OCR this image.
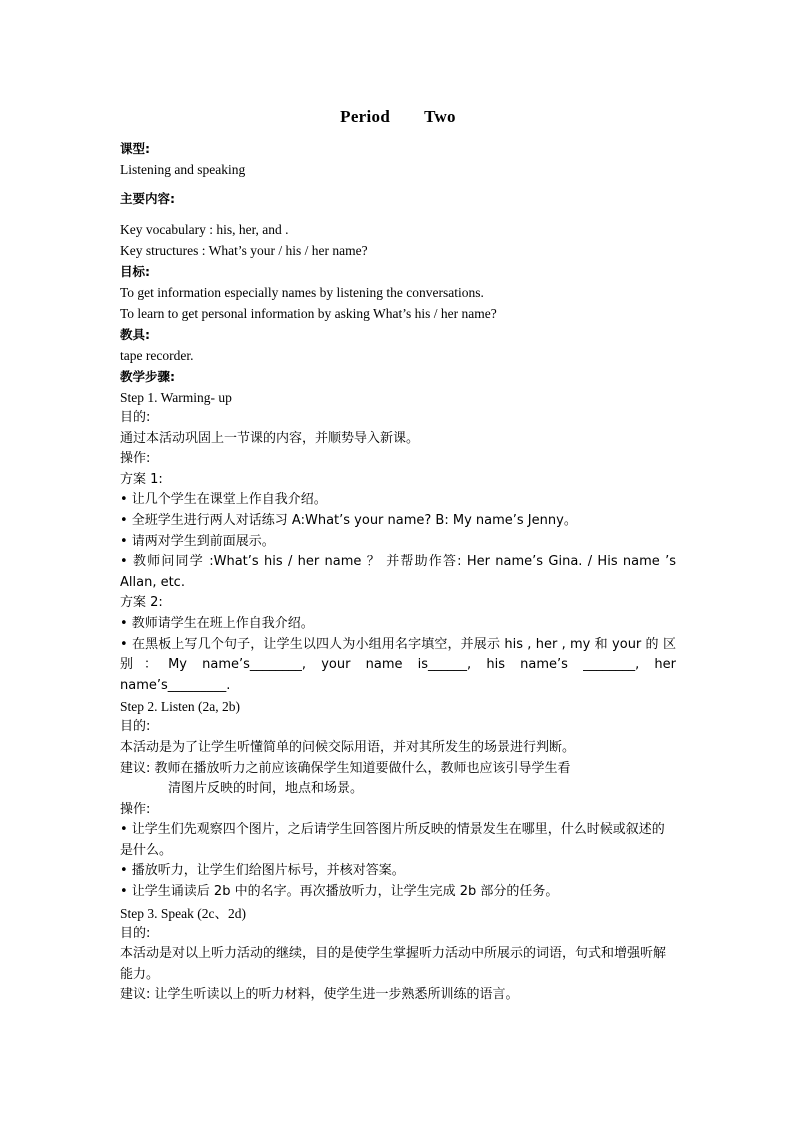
Period Two

课型:

Listening and speaking

主要内容:

Key vocabulary : his, her, and .

Key structures : What’s your / his / her name?

目标:

To get information especially names by listening the conversations.

To learn to get personal information by asking What’s his / her name?

教具:

tape recorder.

教学步骤:

Step 1. Warming- up

目的:

通过本活动巩固上一节课的内容，并顺势导入新课。

操作:

方案 1:

• 让几个学生在课堂上作自我介绍。

• 全班学生进行两人对话练习 A:What’s your name? B: My name’s Jenny。

• 请两对学生到前面展示。

• 教师问同学 :What’s his / her name ？ 并帮助作答: Her name’s Gina. / His name ’s Allan, etc.

方案 2:

• 教师请学生在班上作自我介绍。

• 在黑板上写几个句子，让学生以四人为小组用名字填空，并展示 his , her , my 和 your 的 区 别：My name’s________, your name is______, his name’s ________, her name’s_________.

Step 2. Listen (2a, 2b)

目的:

本活动是为了让学生听懂简单的问候交际用语，并对其所发生的场景进行判断。

建议: 教师在播放听力之前应该确保学生知道要做什么，教师也应该引导学生看

清图片反映的时间，地点和场景。

操作:

• 让学生们先观察四个图片，之后请学生回答图片所反映的情景发生在哪里，什么时候或叙述的是什么。

• 播放听力，让学生们给图片标号，并核对答案。

• 让学生诵读后 2b 中的名字。再次播放听力，让学生完成 2b 部分的任务。

Step 3. Speak (2c、2d)

目的:

本活动是对以上听力活动的继续，目的是使学生掌握听力活动中所展示的词语，句式和增强听解能力。

建议: 让学生听读以上的听力材料，使学生进一步熟悉所训练的语言。
